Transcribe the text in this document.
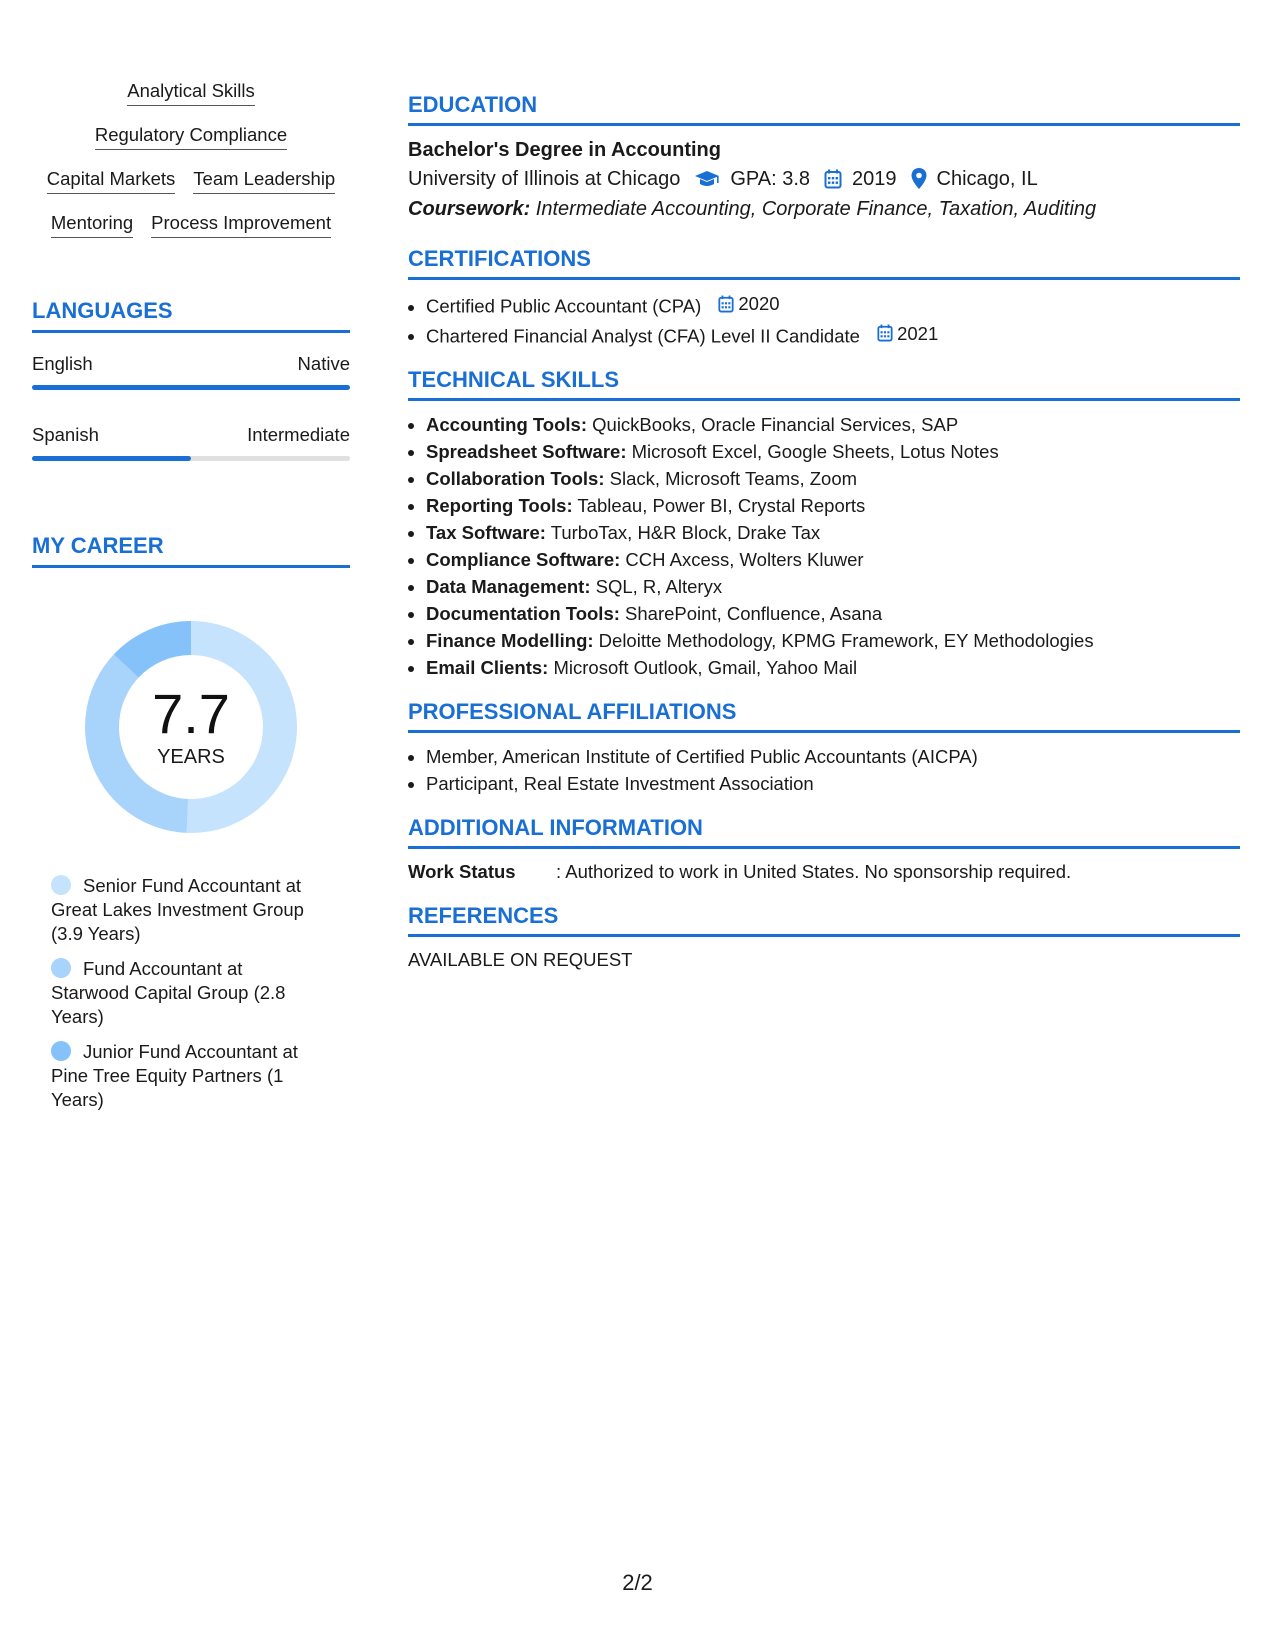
Analytical Skills
Regulatory Compliance
Capital Markets Team Leadership
Mentoring Process Improvement
LANGUAGES
English	Native
Spanish	Intermediate
MY CAREER
7.7
YEARS
Senior Fund Accountant at Great Lakes Investment Group (3.9 Years)
Fund Accountant at Starwood Capital Group (2.8 Years)
Junior Fund Accountant at Pine Tree Equity Partners (1 Years)
EDUCATION
Bachelor's Degree in Accounting
University of Illinois at Chicago	GPA: 3.8 2019 Chicago, IL
Coursework: Intermediate Accounting, Corporate Finance, Taxation, Auditing
CERTIFICATIONS
• Certified Public Accountant (CPA) 2020
• Chartered Financial Analyst (CFA) Level II Candidate 2021
TECHNICAL SKILLS
• Accounting Tools: QuickBooks, Oracle Financial Services, SAP
• Spreadsheet Software: Microsoft Excel, Google Sheets, Lotus Notes
• Collaboration Tools: Slack, Microsoft Teams, Zoom
• Reporting Tools: Tableau, Power BI, Crystal Reports
• Tax Software: TurboTax, H&R Block, Drake Tax
• Compliance Software: CCH Axcess, Wolters Kluwer
• Data Management: SQL, R, Alteryx
• Documentation Tools: SharePoint, Confluence, Asana
• Finance Modelling: Deloitte Methodology, KPMG Framework, EY Methodologies
• Email Clients: Microsoft Outlook, Gmail, Yahoo Mail
PROFESSIONAL AFFILIATIONS
• Member, American Institute of Certified Public Accountants (AICPA)
• Participant, Real Estate Investment Association
ADDITIONAL INFORMATION
Work Status	: Authorized to work in United States. No sponsorship required.
REFERENCES
AVAILABLE ON REQUEST
2/2
